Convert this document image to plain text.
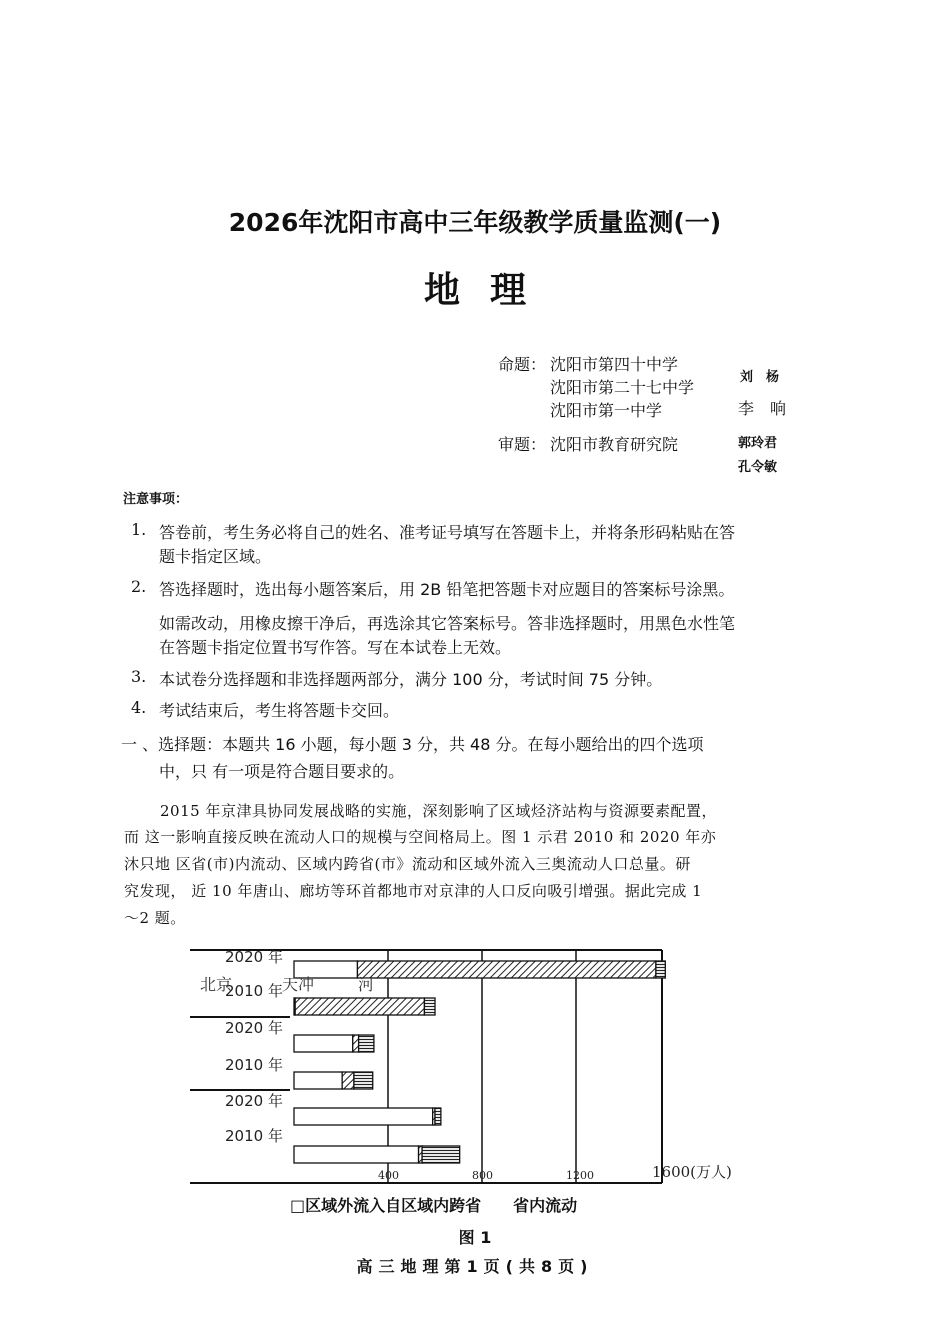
2026年沈阳市高中三年级教学质量监测(一)
地理
命题： 沈阳市第四十中学
沈阳市第二十七中学
沈阳市第一中学
刘　杨
李　响
审题： 沈阳市教育研究院	郭玲君
孔令敏
注意事项：
1. 答卷前，考生务必将自己的姓名、准考证号填写在答题卡上，并将条形码粘贴在答
题卡指定区域。
2. 答选择题时，选出每小题答案后，用 2B 铅笔把答题卡对应题目的答案标号涂黑。
如需改动，用橡皮擦干净后，再选涂其它答案标号。答非选择题时，用黑色水性笔
在答题卡指定位置书写作答。写在本试卷上无效。
3. 本试卷分选择题和非选择题两部分，满分 100 分，考试时间 75 分钟。
4. 考试结束后，考生将答题卡交回。
一 、选择题：本题共 16 小题，每小题 3 分，共 48 分。在每小题给出的四个选项
中，只 有一项是符合题目要求的。
2015 年京津具协同发展战略的实施，深刻影响了区域烃济站构与资源要素配置，
而 这一影响直接反映在流动人口的规模与空间格局上。图 1 示君 2010 和 2020 年亦
沐只地 区省(市)内流动、区域内跨省(市》流动和区域外流入三奥流动人口总量。研
究发现， 近 10 年唐山、廊坊等环首都地市对京津的人口反向吸引增强。据此完成 1
～2 题。
2020 年
2010 年
2020 年
2010 年
2020 年
2010 年
北京	天冲	河
400	800	1200	1600(万人)
□区域外流入自区域内跨省　　省内流动
图 1
高三地理第1页(共8页)
